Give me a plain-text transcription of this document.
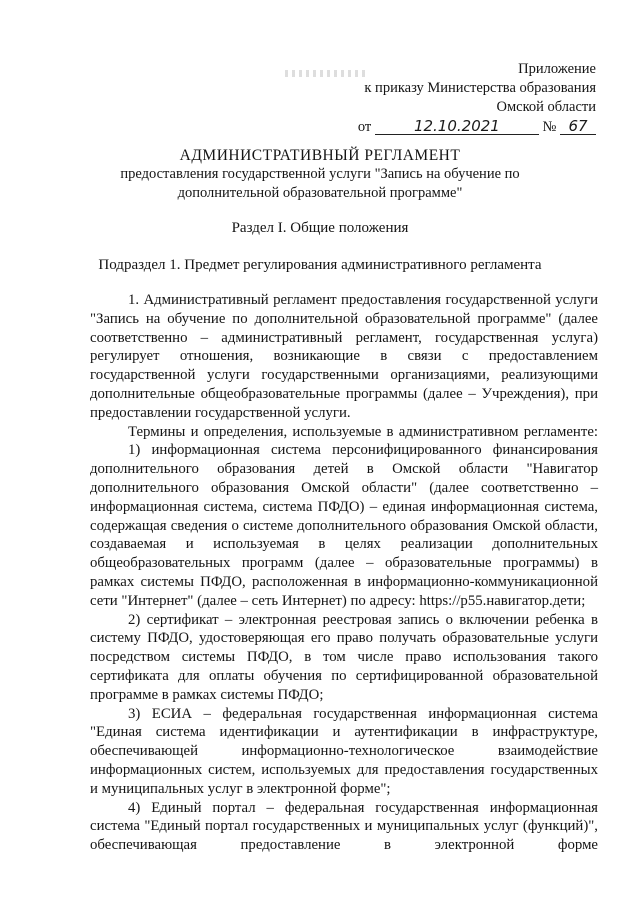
Приложение
к приказу Министерства образования
Омской области
от	12.10.2021	№ 67
АДМИНИСТРАТИВНЫЙ РЕГЛАМЕНТ
предоставления государственной услуги "Запись на обучение по
дополнительной образовательной программе"
Раздел I. Общие положения
Подраздел 1. Предмет регулирования административного регламента

1. Административный регламент предоставления государственной услуги "Запись на обучение по дополнительной образовательной программе" (далее соответственно – административный регламент, государственная услуга) регулирует отношения, возникающие в связи с предоставлением государственной услуги государственными организациями, реализующими дополнительные общеобразовательные программы (далее – Учреждения), при предоставлении государственной услуги.

Термины и определения, используемые в административном регламенте:

1) информационная система персонифицированного финансирования дополнительного образования детей в Омской области "Навигатор дополнительного образования Омской области" (далее соответственно – информационная система, система ПФДО) – единая информационная система, содержащая сведения о системе дополнительного образования Омской области, создаваемая и используемая в целях реализации дополнительных общеобразовательных программ (далее – образовательные программы) в рамках системы ПФДО, расположенная в информационно-коммуникационной сети "Интернет" (далее – сеть Интернет) по адресу: https://p55.навигатор.дети;

2) сертификат – электронная реестровая запись о включении ребенка в систему ПФДО, удостоверяющая его право получать образовательные услуги посредством системы ПФДО, в том числе право использования такого сертификата для оплаты обучения по сертифицированной образовательной программе в рамках системы ПФДО;

3) ЕСИА – федеральная государственная информационная система "Единая система идентификации и аутентификации в инфраструктуре, обеспечивающей информационно-технологическое взаимодействие информационных систем, используемых для предоставления государственных и муниципальных услуг в электронной форме";

4) Единый портал – федеральная государственная информационная система "Единый портал государственных и муниципальных услуг (функций)", обеспечивающая предоставление в электронной форме
